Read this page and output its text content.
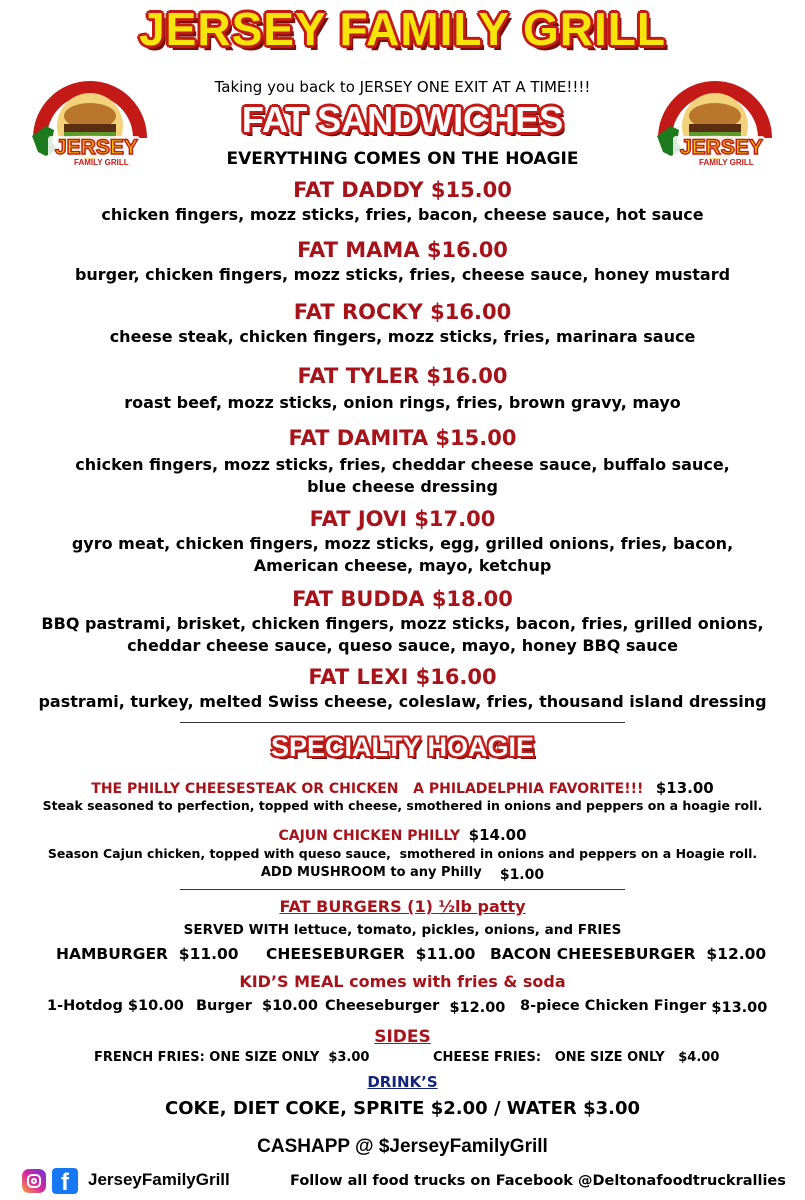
JERSEY FAMILY GRILL
Taking you back to JERSEY ONE EXIT AT A TIME!!!!
JERSEY
FAMILY GRILL
JERSEY
FAMILY GRILL
FAT SANDWICHES
EVERYTHING COMES ON THE HOAGIE
FAT DADDY $15.00
chicken fingers, mozz sticks, fries, bacon, cheese sauce, hot sauce
FAT MAMA $16.00
burger, chicken fingers, mozz sticks, fries, cheese sauce, honey mustard
FAT ROCKY $16.00
cheese steak, chicken fingers, mozz sticks, fries, marinara sauce
FAT TYLER $16.00
roast beef, mozz sticks, onion rings, fries, brown gravy, mayo
FAT DAMITA $15.00
chicken fingers, mozz sticks, fries, cheddar cheese sauce, buffalo sauce,
blue cheese dressing
FAT JOVI $17.00
gyro meat, chicken fingers, mozz sticks, egg, grilled onions, fries, bacon,
American cheese, mayo, ketchup
FAT BUDDA $18.00
BBQ pastrami, brisket, chicken fingers, mozz sticks, bacon, fries, grilled onions,
cheddar cheese sauce, queso sauce, mayo, honey BBQ sauce
FAT LEXI $16.00
pastrami, turkey, melted Swiss cheese, coleslaw, fries, thousand island dressing
SPECIALTY HOAGIE
THE PHILLY CHEESESTEAK OR CHICKEN   A PHILADELPHIA FAVORITE!!! $13.00
Steak seasoned to perfection, topped with cheese, smothered in onions and peppers on a hoagie roll.
CAJUN CHICKEN PHILLY $14.00
Season Cajun chicken, topped with queso sauce,  smothered in onions and peppers on a Hoagie roll.
ADD MUSHROOM to any Philly $1.00
FAT BURGERS (1) ½lb patty
SERVED WITH lettuce, tomato, pickles, onions, and FRIES
HAMBURGER $11.00 CHEESEBURGER $11.00 BACON CHEESEBURGER $12.00
KID’S MEAL comes with fries & soda
1-Hotdog $10.00 Burger $10.00 Cheeseburger $12.00 8-piece Chicken Finger $13.00
SIDES
FRENCH FRIES: ONE SIZE ONLY $3.00	CHEESE FRIES:   ONE SIZE ONLY $4.00
DRINK’S
COKE, DIET COKE, SPRITE $2.00 / WATER $3.00
CASHAPP @ $JerseyFamilyGrill
f	JerseyFamilyGrill	Follow all food trucks on Facebook @Deltonafoodtruckrallies
